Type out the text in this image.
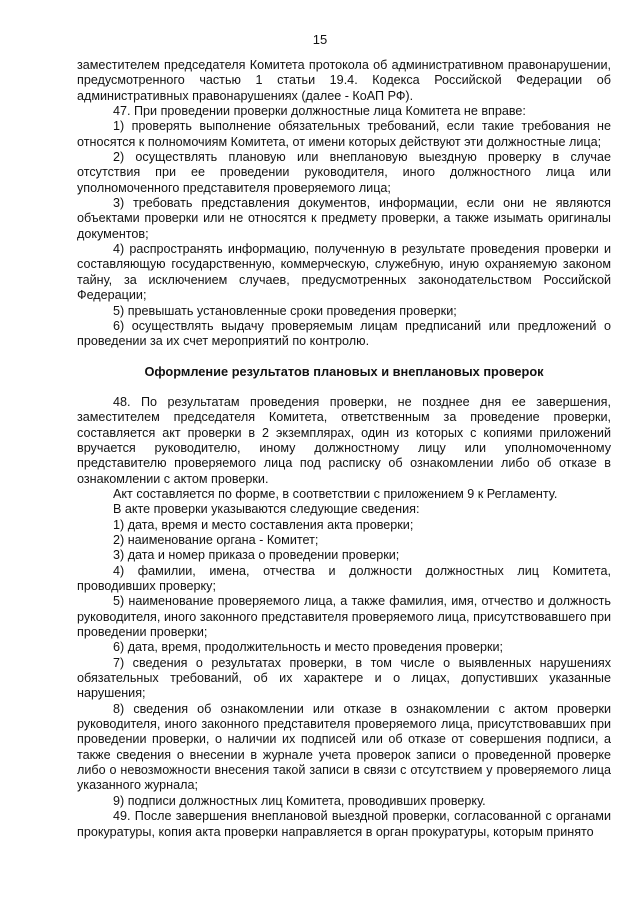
15

заместителем председателя Комитета протокола об административном правонарушении, предусмотренного частью 1 статьи 19.4. Кодекса Российской Федерации об административных правонарушениях (далее - КоАП РФ).

47. При проведении проверки должностные лица Комитета не вправе:

1) проверять выполнение обязательных требований, если такие требования не относятся к полномочиям Комитета, от имени которых действуют эти должностные лица;

2) осуществлять плановую или внеплановую выездную проверку в случае отсутствия при ее проведении руководителя, иного должностного лица или уполномоченного представителя проверяемого лица;

3) требовать представления документов, информации, если они не являются объектами проверки или не относятся к предмету проверки, а также изымать оригиналы документов;

4) распространять информацию, полученную в результате проведения проверки и составляющую государственную, коммерческую, служебную, иную охраняемую законом тайну, за исключением случаев, предусмотренных законодательством Российской Федерации;

5) превышать установленные сроки проведения проверки;

6) осуществлять выдачу проверяемым лицам предписаний или предложений о проведении за их счет мероприятий по контролю.

Оформление результатов плановых и внеплановых проверок

48. По результатам проведения проверки, не позднее дня ее завершения, заместителем председателя Комитета, ответственным за проведение проверки, составляется акт проверки в 2 экземплярах, один из которых с копиями приложений вручается руководителю, иному должностному лицу или уполномоченному представителю проверяемого лица под расписку об ознакомлении либо об отказе в ознакомлении с актом проверки.

Акт составляется по форме, в соответствии с приложением 9 к Регламенту.

В акте проверки указываются следующие сведения:

1) дата, время и место составления акта проверки;

2) наименование органа - Комитет;

3) дата и номер приказа о проведении проверки;

4) фамилии, имена, отчества и должности должностных лиц Комитета, проводивших проверку;

5) наименование проверяемого лица, а также фамилия, имя, отчество и должность руководителя, иного законного представителя проверяемого лица, присутствовавшего при проведении проверки;

6) дата, время, продолжительность и место проведения проверки;

7) сведения о результатах проверки, в том числе о выявленных нарушениях обязательных требований, об их характере и о лицах, допустивших указанные нарушения;

8) сведения об ознакомлении или отказе в ознакомлении с актом проверки руководителя, иного законного представителя проверяемого лица, присутствовавших при проведении проверки, о наличии их подписей или об отказе от совершения подписи, а также сведения о внесении в журнале учета проверок записи о проведенной проверке либо о невозможности внесения такой записи в связи с отсутствием у проверяемого лица указанного журнала;

9) подписи должностных лиц Комитета, проводивших проверку.

49. После завершения внеплановой выездной проверки, согласованной с органами прокуратуры, копия акта проверки направляется в орган прокуратуры, которым принято
